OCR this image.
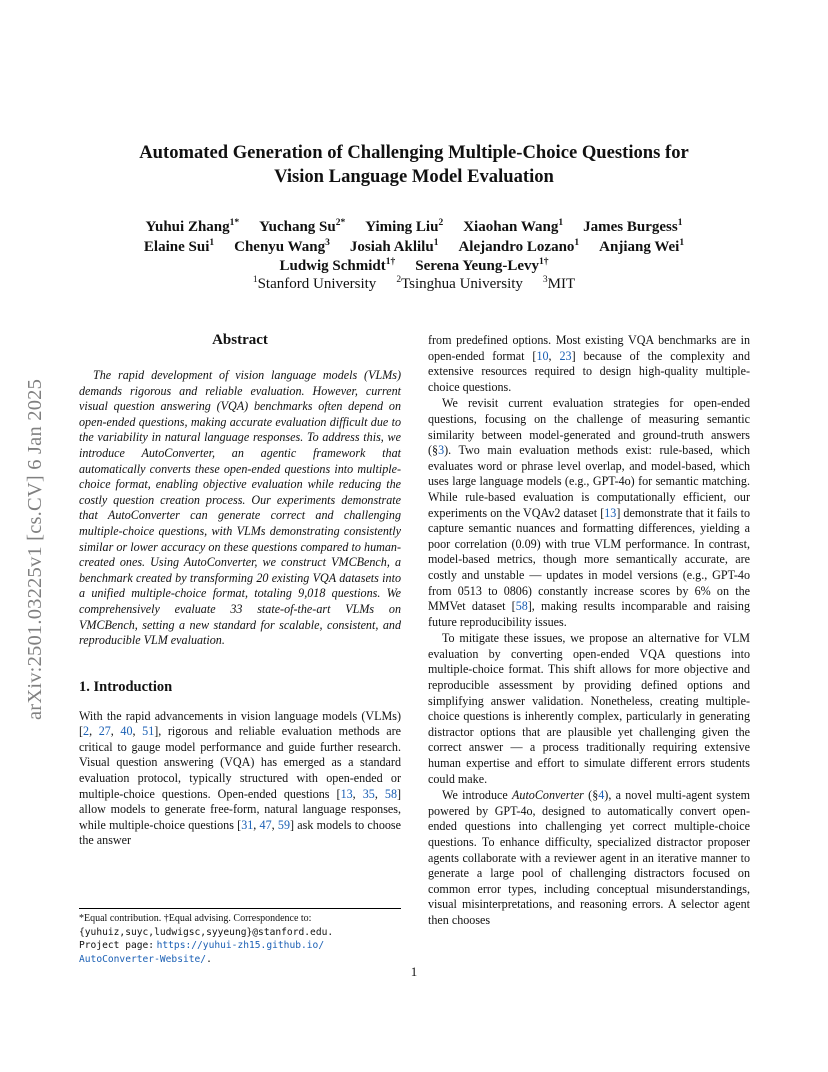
arXiv:2501.03225v1 [cs.CV] 6 Jan 2025
Automated Generation of Challenging Multiple-Choice Questions for
Vision Language Model Evaluation
Yuhui Zhang$^{1*}$ Yuchang $Su^{2*}$ Yiming Liu$^2$ Xiaohan Wang$^1$ James Burgess$^1$
Elaine Sui$^1$ Chenyu Wang$^3$ Josiah Aklilu$^1$ Alejandro Lozano$^1$ Anjiang Wei$^1$
Ludwig Schmidt$^{1\dagger}$ Serena Yeung-Levy$^{1\dagger}$
$^1$Stanford University $^2$Tsinghua University $^3$MIT
Abstract

The rapid development of vision language models (VLMs) demands rigorous and reliable evaluation. However, current visual question answering (VQA) benchmarks often depend on open-ended questions, making accurate evaluation difficult due to the variability in natural language responses. To address this, we introduce AutoConverter, an agentic framework that automatically converts these open-ended questions into multiple-choice format, enabling objective evaluation while reducing the costly question creation process. Our experiments demonstrate that AutoConverter can generate correct and challenging multiple-choice questions, with VLMs demonstrating consistently similar or lower accuracy on these questions compared to human-created ones. Using AutoConverter, we construct VMCBench, a benchmark created by transforming 20 existing VQA datasets into a unified multiple-choice format, totaling 9,018 questions. We comprehensively evaluate 33 state-of-the-art VLMs on VMCBench, setting a new standard for scalable, consistent, and reproducible VLM evaluation.

1. Introduction

With the rapid advancements in vision language models (VLMs) [2, 27, 40, 51], rigorous and reliable evaluation methods are critical to gauge model performance and guide further research. Visual question answering (VQA) has emerged as a standard evaluation protocol, typically structured with open-ended or multiple-choice questions. Open-ended questions [13, 35, 58] allow models to generate free-form, natural language responses, while multiple-choice questions [31, 47, 59] ask models to choose the answer

from predefined options. Most existing VQA benchmarks are in open-ended format [10, 23] because of the complexity and extensive resources required to design high-quality multiple-choice questions.

We revisit current evaluation strategies for open-ended questions, focusing on the challenge of measuring semantic similarity between model-generated and ground-truth answers (§3). Two main evaluation methods exist: rule-based, which evaluates word or phrase level overlap, and model-based, which uses large language models (e.g., GPT-4o) for semantic matching. While rule-based evaluation is computationally efficient, our experiments on the VQAv2 dataset [13] demonstrate that it fails to capture semantic nuances and formatting differences, yielding a poor correlation (0.09) with true VLM performance. In contrast, model-based metrics, though more semantically accurate, are costly and unstable — updates in model versions (e.g., GPT-4o from 0513 to 0806) constantly increase scores by 6% on the MMVet dataset [58], making results incomparable and raising future reproducibility issues.

To mitigate these issues, we propose an alternative for VLM evaluation by converting open-ended VQA questions into multiple-choice format. This shift allows for more objective and reproducible assessment by providing defined options and simplifying answer validation. Nonetheless, creating multiple-choice questions is inherently complex, particularly in generating distractor options that are plausible yet challenging given the correct answer — a process traditionally requiring extensive human expertise and effort to simulate different errors students could make.

We introduce AutoConverter (§4), a novel multi-agent system powered by GPT-4o, designed to automatically convert open-ended questions into challenging yet correct multiple-choice questions. To enhance difficulty, specialized distractor proposer agents collaborate with a reviewer agent in an iterative manner to generate a large pool of challenging distractors focused on common error types, including conceptual misunderstandings, visual misinterpretations, and reasoning errors. A selector agent then chooses

*Equal contribution. †Equal advising. Correspondence to:
{yuhuiz,suyc,ludwigsc,syyeung}@stanford.edu.
Project page: https://yuhui-zh15.github.io/
AutoConverter-Website/.
1
